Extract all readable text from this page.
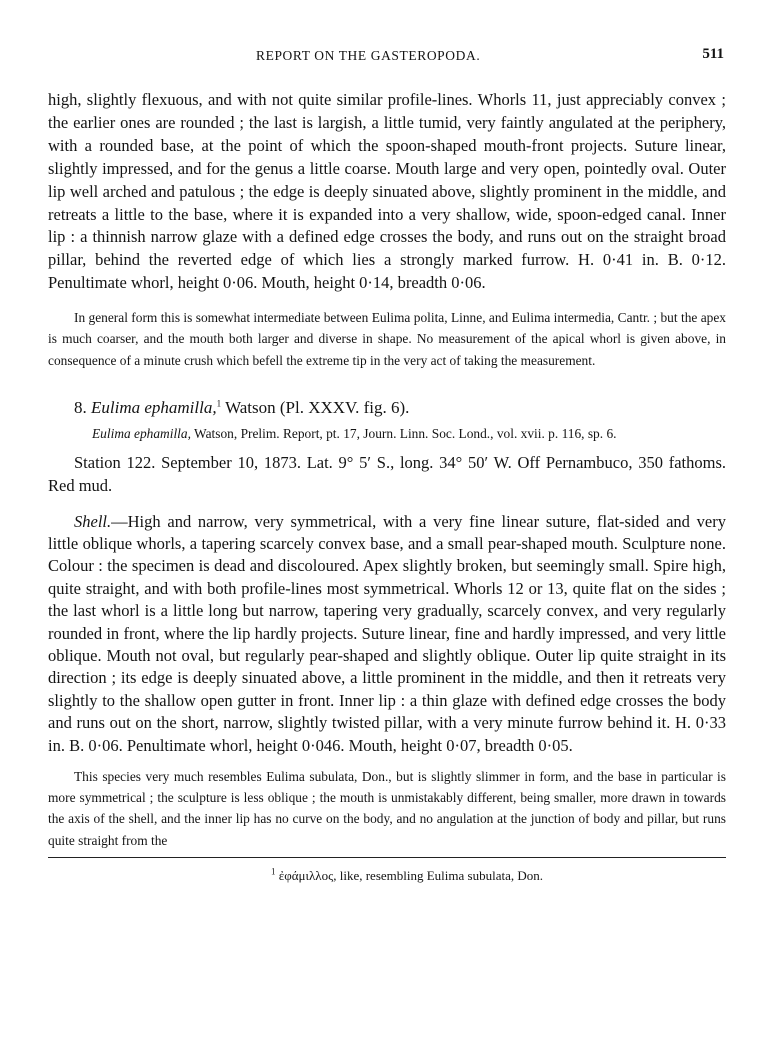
REPORT ON THE GASTEROPODA.	511

high, slightly flexuous, and with not quite similar profile-lines. Whorls 11, just appreciably convex ; the earlier ones are rounded ; the last is largish, a little tumid, very faintly angulated at the periphery, with a rounded base, at the point of which the spoon-shaped mouth-front projects. Suture linear, slightly impressed, and for the genus a little coarse. Mouth large and very open, pointedly oval. Outer lip well arched and patulous ; the edge is deeply sinuated above, slightly prominent in the middle, and retreats a little to the base, where it is expanded into a very shallow, wide, spoon-edged canal. Inner lip : a thinnish narrow glaze with a defined edge crosses the body, and runs out on the straight broad pillar, behind the reverted edge of which lies a strongly marked furrow. H. 0·41 in. B. 0·12. Penultimate whorl, height 0·06. Mouth, height 0·14, breadth 0·06.

In general form this is somewhat intermediate between Eulima polita, Linne, and Eulima intermedia, Cantr. ; but the apex is much coarser, and the mouth both larger and diverse in shape. No measurement of the apical whorl is given above, in consequence of a minute crush which befell the extreme tip in the very act of taking the measurement.

8. Eulima ephamilla,$^1$ Watson (Pl. XXXV. fig. 6).

Eulima ephamilla, Watson, Prelim. Report, pt. 17, Journ. Linn. Soc. Lond., vol. xvii. p. 116, sp. 6.

Station 122. September 10, 1873. Lat. 9° 5′ S., long. 34° 50′ W. Off Pernambuco, 350 fathoms. Red mud.

Shell.—High and narrow, very symmetrical, with a very fine linear suture, flat-sided and very little oblique whorls, a tapering scarcely convex base, and a small pear-shaped mouth. Sculpture none. Colour : the specimen is dead and discoloured. Apex slightly broken, but seemingly small. Spire high, quite straight, and with both profile-lines most symmetrical. Whorls 12 or 13, quite flat on the sides ; the last whorl is a little long but narrow, tapering very gradually, scarcely convex, and very regularly rounded in front, where the lip hardly projects. Suture linear, fine and hardly impressed, and very little oblique. Mouth not oval, but regularly pear-shaped and slightly oblique. Outer lip quite straight in its direction ; its edge is deeply sinuated above, a little prominent in the middle, and then it retreats very slightly to the shallow open gutter in front. Inner lip : a thin glaze with defined edge crosses the body and runs out on the short, narrow, slightly twisted pillar, with a very minute furrow behind it. H. 0·33 in. B. 0·06. Penultimate whorl, height 0·046. Mouth, height 0·07, breadth 0·05.

This species very much resembles Eulima subulata, Don., but is slightly slimmer in form, and the base in particular is more symmetrical ; the sculpture is less oblique ; the mouth is unmistakably different, being smaller, more drawn in towards the axis of the shell, and the inner lip has no curve on the body, and no angulation at the junction of body and pillar, but runs quite straight from the

$^1$ ἐφάμιλλος, like, resembling Eulima subulata, Don.
